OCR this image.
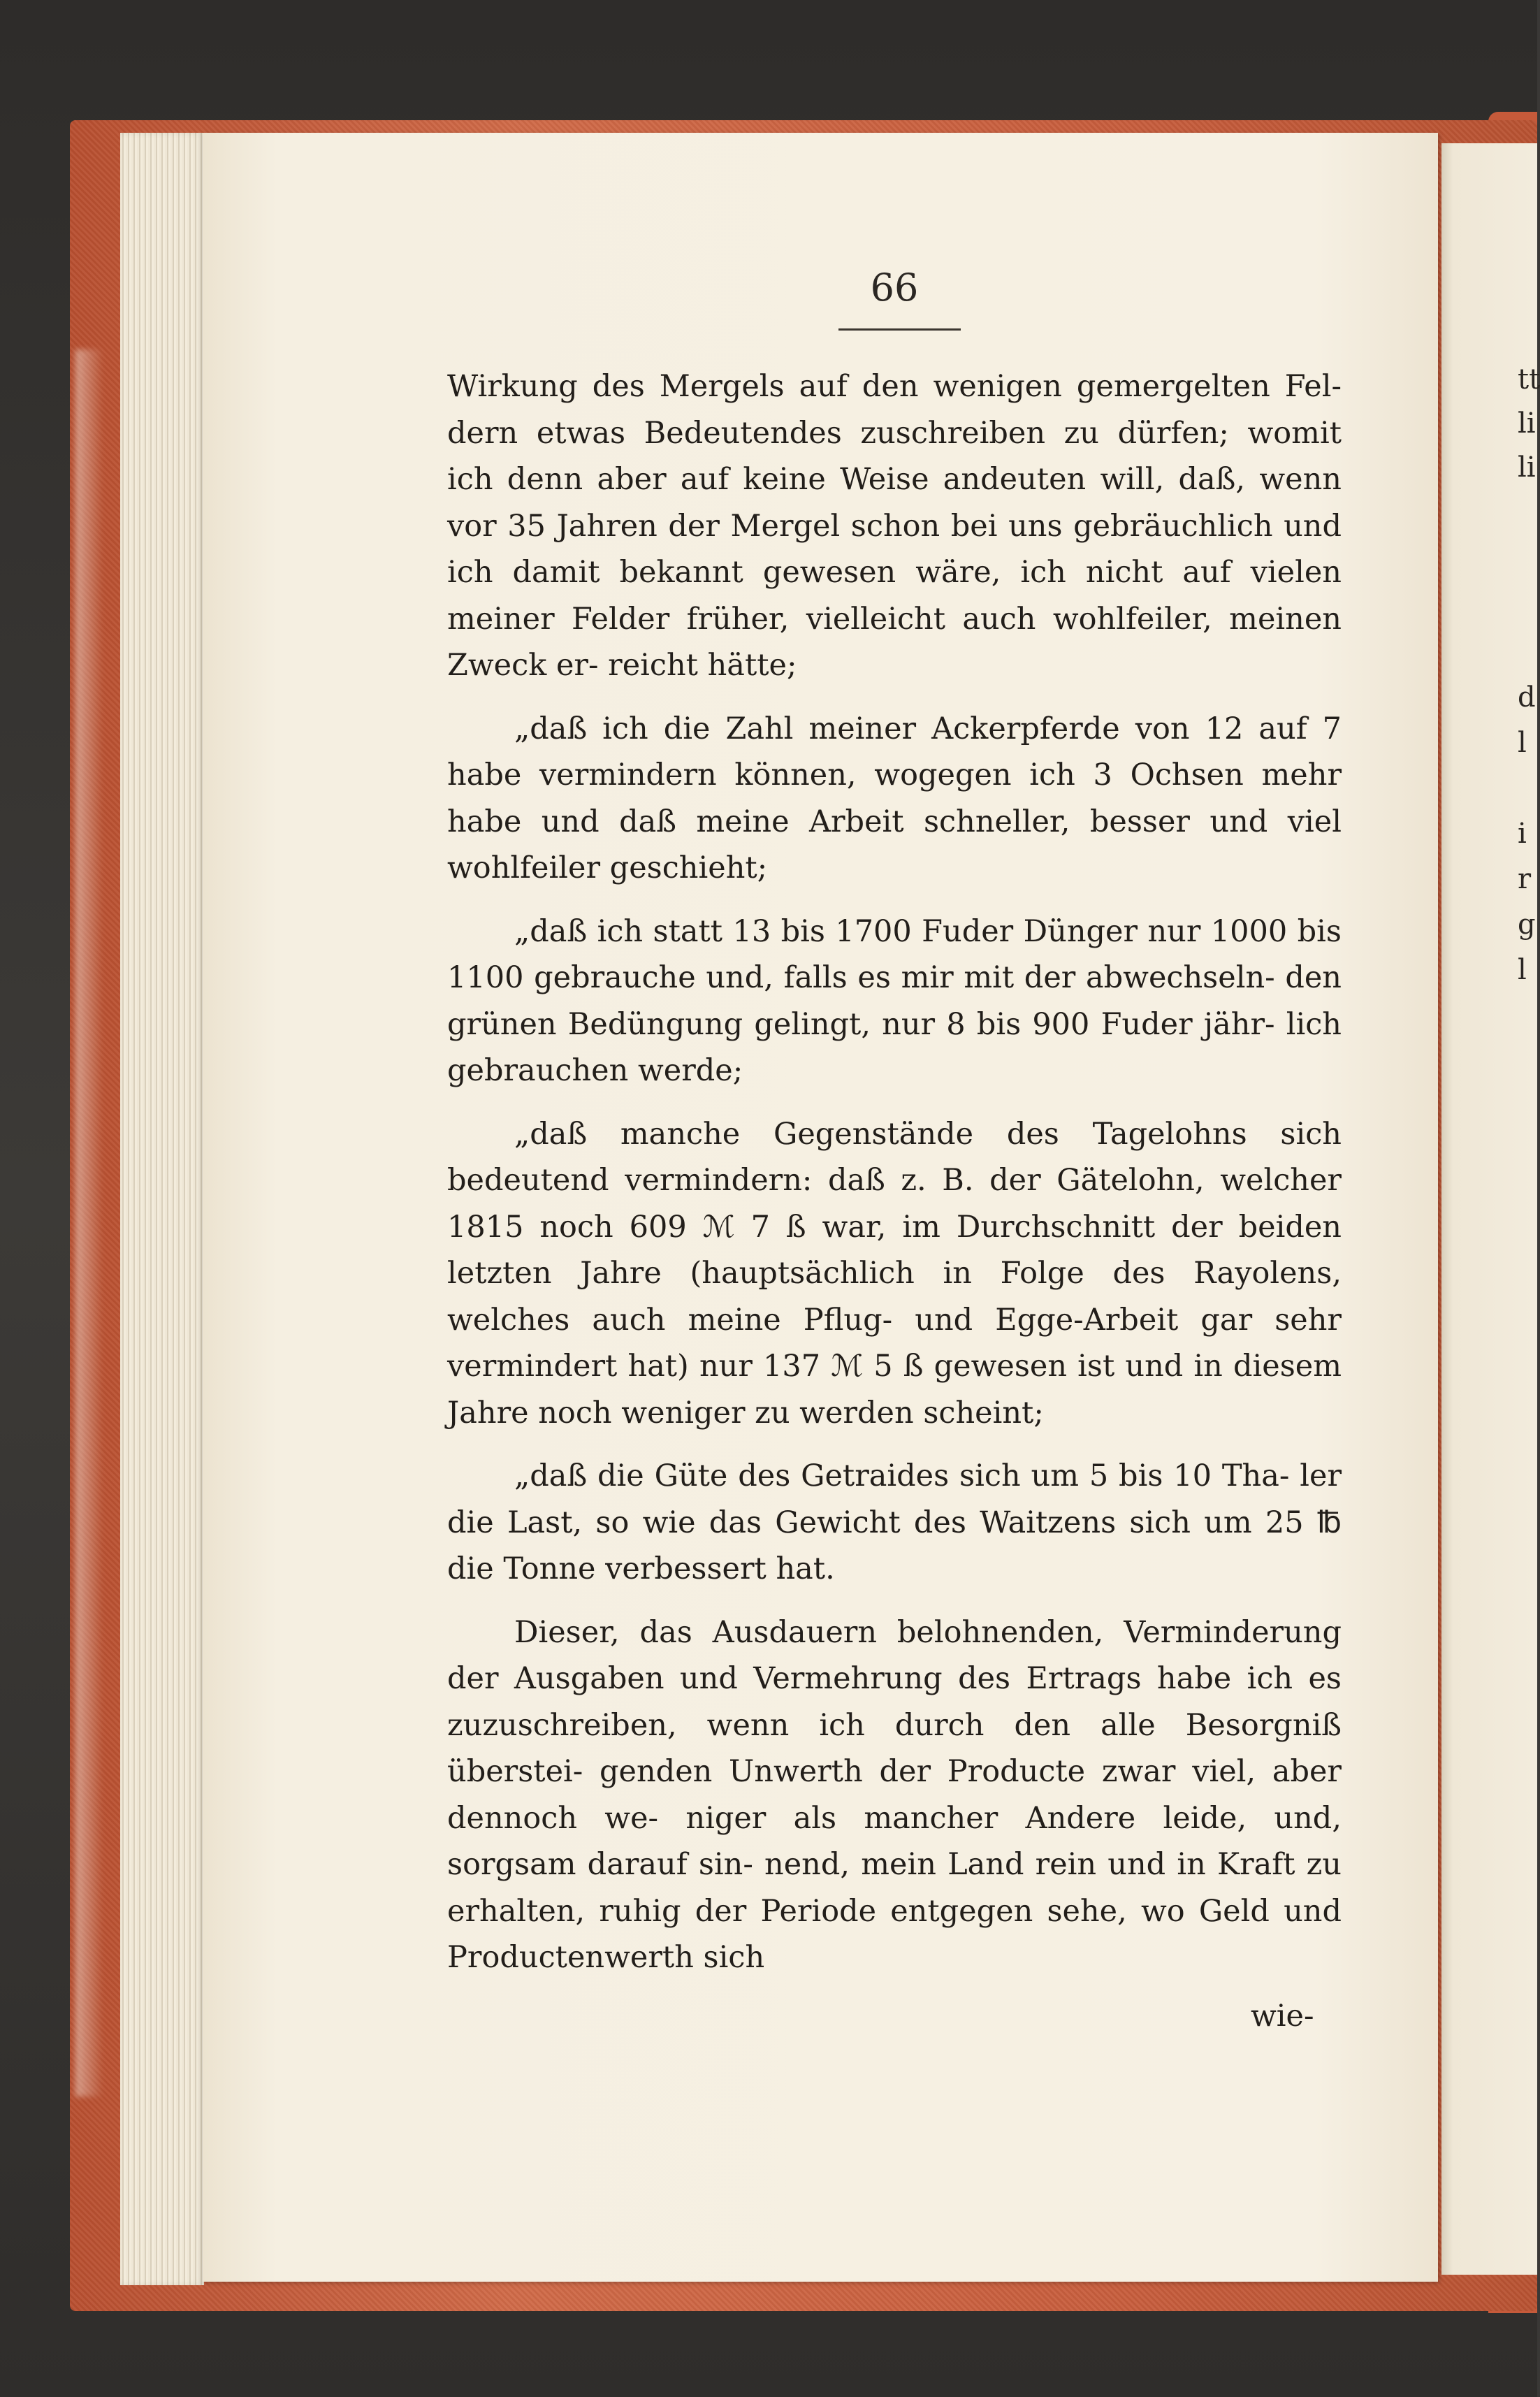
tt
li
li
d
l
i
r
g
l
66

Wirkung des Mergels auf den wenigen gemergelten Fel- dern etwas Bedeutendes zuschreiben zu dürfen; womit ich denn aber auf keine Weise andeuten will, daß, wenn vor 35 Jahren der Mergel schon bei uns gebräuchlich und ich damit bekannt gewesen wäre, ich nicht auf vielen meiner Felder früher, vielleicht auch wohlfeiler, meinen Zweck er- reicht hätte;

„daß ich die Zahl meiner Ackerpferde von 12 auf 7 habe vermindern können, wogegen ich 3 Ochsen mehr habe und daß meine Arbeit schneller, besser und viel wohlfeiler geschieht;

„daß ich statt 13 bis 1700 Fuder Dünger nur 1000 bis 1100 gebrauche und, falls es mir mit der abwechseln- den grünen Bedüngung gelingt, nur 8 bis 900 Fuder jähr- lich gebrauchen werde;

„daß manche Gegenstände des Tagelohns sich bedeutend vermindern: daß z. B. der Gätelohn, welcher 1815 noch 609 ℳ 7 ß war, im Durchschnitt der beiden letzten Jahre (hauptsächlich in Folge des Rayolens, welches auch meine Pflug- und Egge-Arbeit gar sehr vermindert hat) nur 137 ℳ 5 ß gewesen ist und in diesem Jahre noch weniger zu werden scheint;

„daß die Güte des Getraides sich um 5 bis 10 Tha- ler die Last, so wie das Gewicht des Waitzens sich um 25 ℔ die Tonne verbessert hat.

Dieser, das Ausdauern belohnenden, Verminderung der Ausgaben und Vermehrung des Ertrags habe ich es zuzuschreiben, wenn ich durch den alle Besorgniß überstei- genden Unwerth der Producte zwar viel, aber dennoch we- niger als mancher Andere leide, und, sorgsam darauf sin- nend, mein Land rein und in Kraft zu erhalten, ruhig der Periode entgegen sehe, wo Geld und Productenwerth sich

wie-
